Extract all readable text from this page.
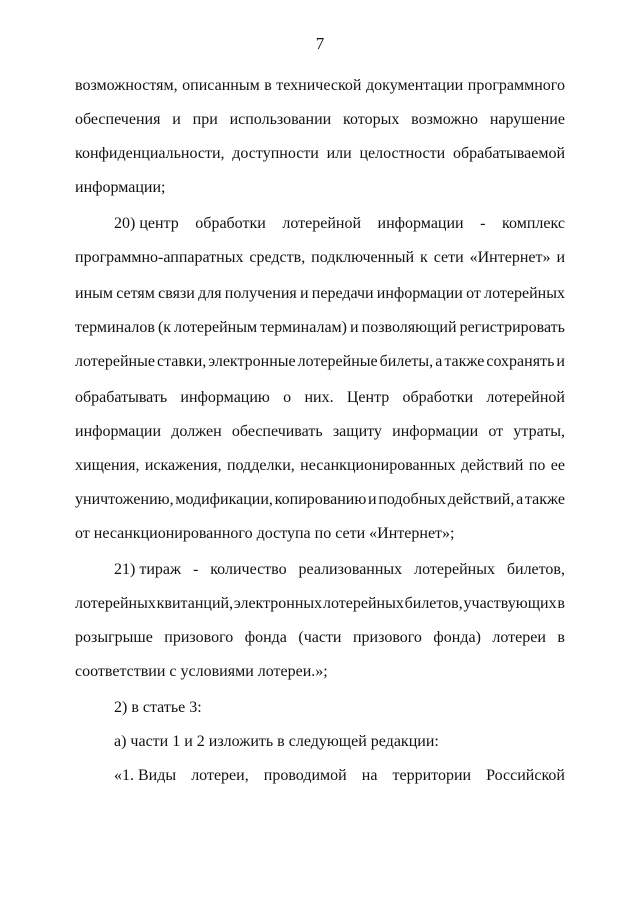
7
возможностям, описанным в технической документации программного
обеспечения и при использовании которых возможно нарушение
конфиденциальности, доступности или целостности обрабатываемой
информации;
20) центр обработки лотерейной информации - комплекс
программно-аппаратных средств, подключенный к сети «Интернет» и
иным сетям связи для получения и передачи информации от лотерейных
терминалов (к лотерейным терминалам) и позволяющий регистрировать
лотерейные ставки, электронные лотерейные билеты, а также сохранять и
обрабатывать информацию о них. Центр обработки лотерейной
информации должен обеспечивать защиту информации от утраты,
хищения, искажения, подделки, несанкционированных действий по ее
уничтожению, модификации, копированию и подобных действий, а также
от несанкционированного доступа по сети «Интернет»;
21) тираж - количество реализованных лотерейных билетов,
лотерейных квитанций, электронных лотерейных билетов, участвующих в
розыгрыше призового фонда (части призового фонда) лотереи в
соответствии с условиями лотереи.»;
2) в статье 3:
а) части 1 и 2 изложить в следующей редакции:
«1. Виды лотереи, проводимой на территории Российской
